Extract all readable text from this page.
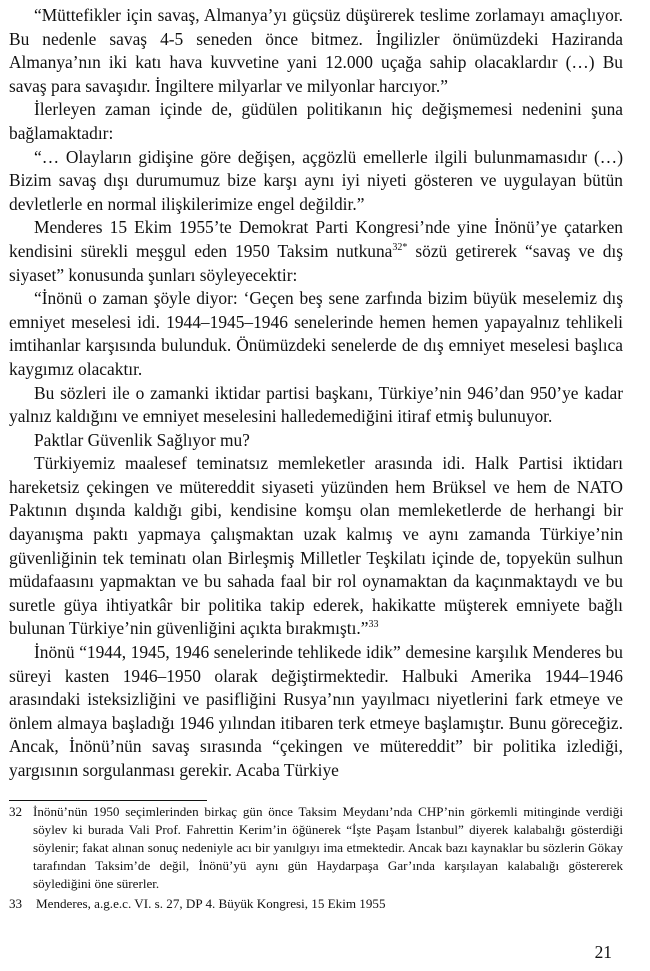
“Müttefikler için savaş, Almanya’yı güçsüz düşürerek teslime zorlamayı amaçlıyor. Bu nedenle savaş 4-5 seneden önce bitmez. İngilizler önümüzdeki Haziranda Almanya’nın iki katı hava kuvvetine yani 12.000 uçağa sahip olacaklardır (…) Bu savaş para savaşıdır. İngiltere milyarlar ve milyonlar harcıyor.”

İlerleyen zaman içinde de, güdülen politikanın hiç değişmemesi nedenini şuna bağlamaktadır:

“… Olayların gidişine göre değişen, açgözlü emellerle ilgili bulunmamasıdır (…) Bizim savaş dışı durumumuz bize karşı aynı iyi niyeti gösteren ve uygulayan bütün devletlerle en normal ilişkilerimize engel değildir.”

Menderes 15 Ekim 1955’te Demokrat Parti Kongresi’nde yine İnönü’ye çatarken kendisini sürekli meşgul eden 1950 Taksim nutkuna$^{32*}$ sözü getirerek “savaş ve dış siyaset” konusunda şunları söyleyecektir:

“İnönü o zaman şöyle diyor: ‘Geçen beş sene zarfında bizim büyük meselemiz dış emniyet meselesi idi. 1944–1945–1946 senelerinde hemen hemen yapayalnız tehlikeli imtihanlar karşısında bulunduk. Önümüzdeki senelerde de dış emniyet meselesi başlıca kaygımız olacaktır.

Bu sözleri ile o zamanki iktidar partisi başkanı, Türkiye’nin 946’dan 950’ye kadar yalnız kaldığını ve emniyet meselesini halledemediğini itiraf etmiş bulunuyor.

Paktlar Güvenlik Sağlıyor mu?

Türkiyemiz maalesef teminatsız memleketler arasında idi. Halk Partisi iktidarı hareketsiz çekingen ve mütereddit siyaseti yüzünden hem Brüksel ve hem de NATO Paktının dışında kaldığı gibi, kendisine komşu olan memleketlerde de herhangi bir dayanışma paktı yapmaya çalışmaktan uzak kalmış ve aynı zamanda Türkiye’nin güvenliğinin tek teminatı olan Birleşmiş Milletler Teşkilatı içinde de, topyekün sulhun müdafaasını yapmaktan ve bu sahada faal bir rol oynamaktan da kaçınmaktaydı ve bu suretle güya ihtiyatkâr bir politika takip ederek, hakikatte müşterek emniyete bağlı bulunan Türkiye’nin güvenliğini açıkta bırakmıştı.”$^{33}$

İnönü “1944, 1945, 1946 senelerinde tehlikede idik” demesine karşılık Menderes bu süreyi kasten 1946–1950 olarak değiştirmektedir. Halbuki Amerika 1944–1946 arasındaki isteksizliğini ve pasifliğini Rusya’nın yayılmacı niyetlerini fark etmeye ve önlem almaya başladığı 1946 yılından itibaren terk etmeye başlamıştır. Bunu göreceğiz. Ancak, İnönü’nün savaş sırasında “çekingen ve mütereddit” bir politika izlediği, yargısının sorgulanması gerekir. Acaba Türkiye

32 İnönü’nün 1950 seçimlerinden birkaç gün önce Taksim Meydanı’nda CHP’nin görkemli mitinginde verdiği söylev ki burada Vali Prof. Fahrettin Kerim’in öğünerek “İşte Paşam İstanbul” diyerek kalabalığı gösterdiği söylenir; fakat alınan sonuç nedeniyle acı bir yanılgıyı ima etmektedir. Ancak bazı kaynaklar bu sözlerin Gökay tarafından Taksim’de değil, İnönü’yü aynı gün Haydarpaşa Gar’ında karşılayan kalabalığı göstererek söylediğini öne sürerler.
33	Menderes, a.g.e.c. VI. s. 27, DP 4. Büyük Kongresi, 15 Ekim 1955
21
